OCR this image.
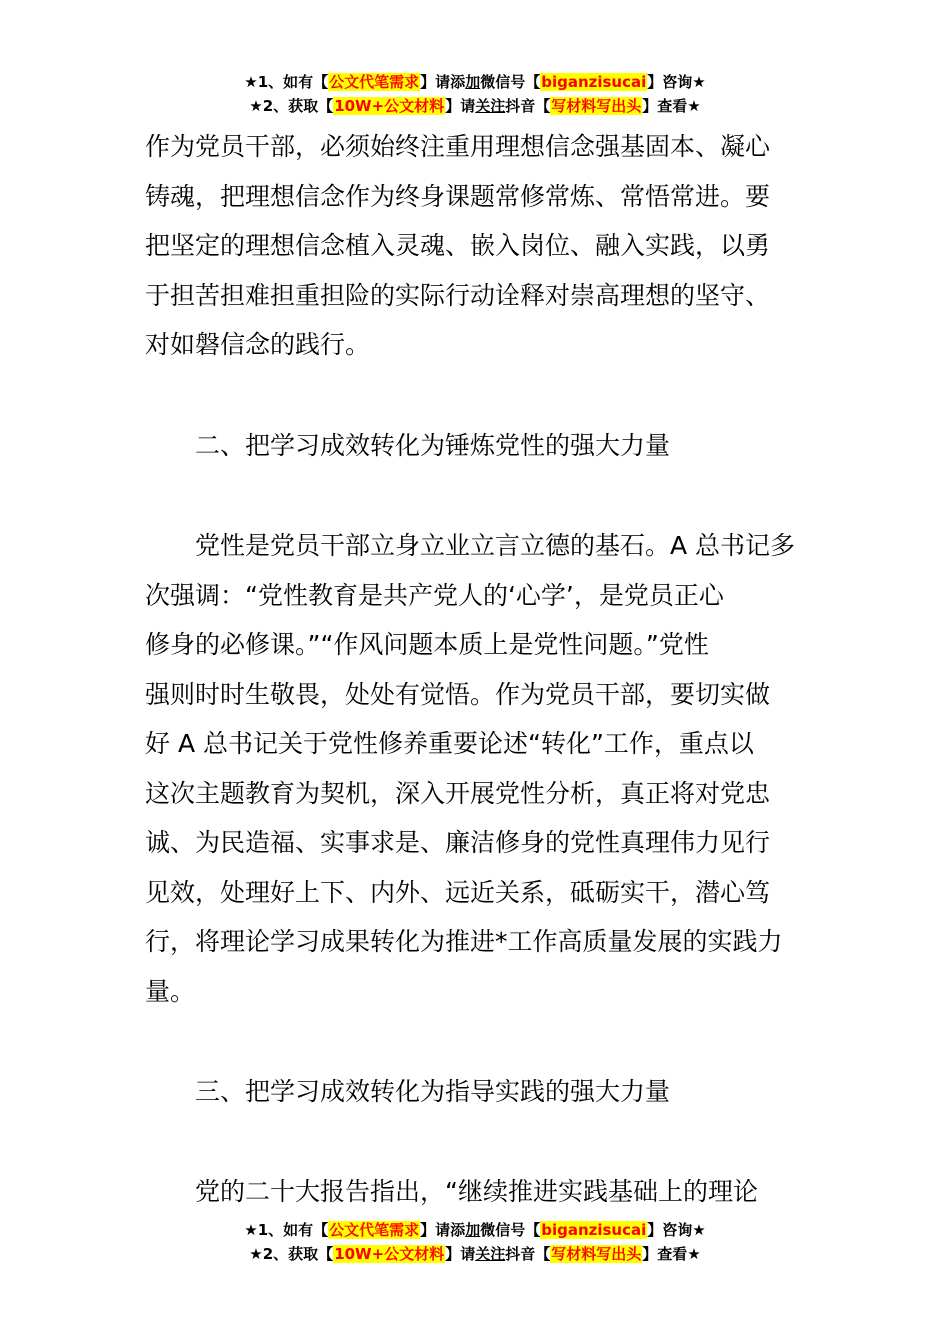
★1、如有【公文代笔需求】请添加微信号【biganzisucai】咨询★
★2、获取【10W+公文材料】请关注抖音【写材料写出头】查看★
作为党员干部，必须始终注重用理想信念强基固本、凝心
铸魂，把理想信念作为终身课题常修常炼、常悟常进。要
把坚定的理想信念植入灵魂、嵌入岗位、融入实践，以勇
于担苦担难担重担险的实际行动诠释对崇高理想的坚守、
对如磐信念的践行。
二、把学习成效转化为锤炼党性的强大力量
党性是党员干部立身立业立言立德的基石。A 总书记多
次强调：“党性教育是共产党人的‘心学’，是党员正心
修身的必修课。”“作风问题本质上是党性问题。”党性
强则时时生敬畏，处处有觉悟。作为党员干部，要切实做
好 A 总书记关于党性修养重要论述“转化”工作，重点以
这次主题教育为契机，深入开展党性分析，真正将对党忠
诚、为民造福、实事求是、廉洁修身的党性真理伟力见行
见效，处理好上下、内外、远近关系，砥砺实干，潜心笃
行，将理论学习成果转化为推进*工作高质量发展的实践力
量。
三、把学习成效转化为指导实践的强大力量
党的二十大报告指出，“继续推进实践基础上的理论
★1、如有【公文代笔需求】请添加微信号【biganzisucai】咨询★
★2、获取【10W+公文材料】请关注抖音【写材料写出头】查看★
